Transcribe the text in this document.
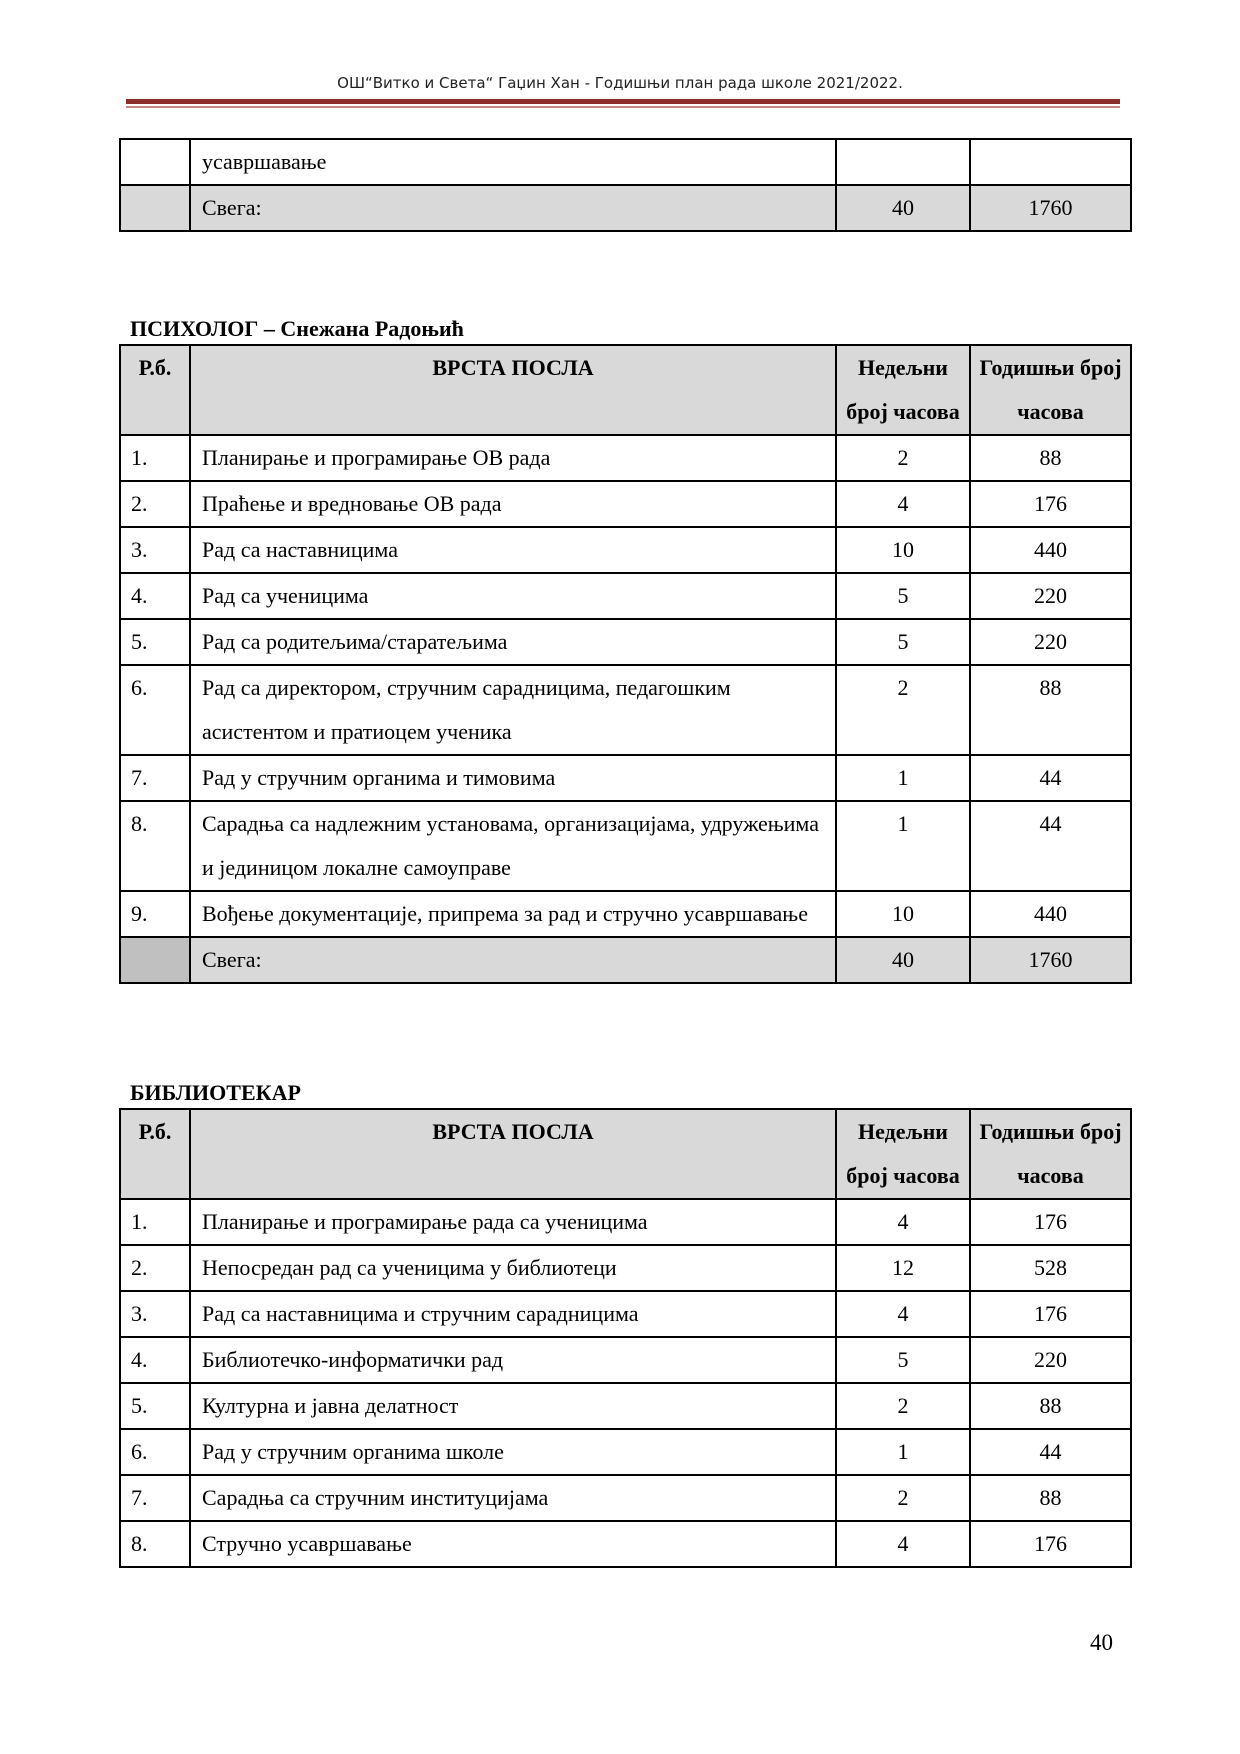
ОШ“Витко и Света“ Гаџин Хан - Годишњи план рада школе 2021/2022.
	усавршавање		
	Свега:	40	1760
ПСИХОЛОГ – Снежана Радоњић
Р.б.	ВРСТА ПОСЛА	Недељни број часова	Годишњи број часова
1.	Планирање и програмирање ОВ рада	2	88
2.	Праћење и вредновање ОВ рада	4	176
3.	Рад са наставницима	10	440
4.	Рад са ученицима	5	220
5.	Рад са родитељима/старатељима	5	220
6.	Рад са директором, стручним сарадницима, педагошким асистентом и пратиоцем ученика	2	88
7.	Рад у стручним органима и тимовима	1	44
8.	Сарадња са надлежним установама, организацијама, удружењима и јединицом локалне самоуправе	1	44
9.	Вођење документације, припрема за рад и стручно усавршавање	10	440
	Свега:	40	1760
БИБЛИОТЕКАР
Р.б.	ВРСТА ПОСЛА	Недељни број часова	Годишњи број часова
1.	Планирање и програмирање рада са ученицима	4	176
2.	Непосредан рад са ученицима у библиотеци	12	528
3.	Рад са наставницима и стручним сарадницима	4	176
4.	Библиотечко-информатички рад	5	220
5.	Културна и јавна делатност	2	88
6.	Рад у стручним органима школе	1	44
7.	Сарадња са стручним институцијама	2	88
8.	Стручно усавршавање	4	176
40
